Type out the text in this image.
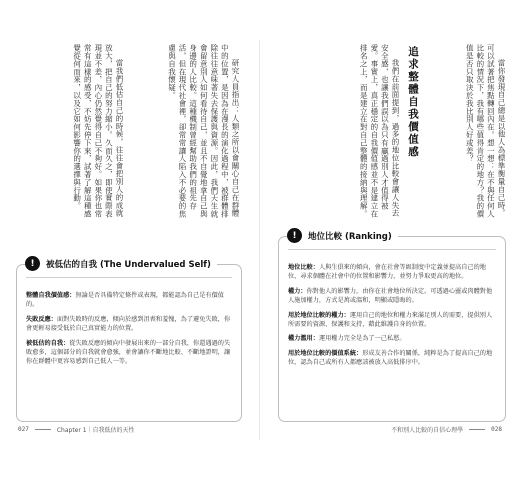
研究人員指出：人類之所以會關心自己在群體中的位置，是因為在漫長的演化過程中，被群體排除往往意味著失去保護與資源。因此，我們天生就會留意別人如何看待自己，並且不自覺地拿自己與身邊的人比較。這種機制曾經幫助我們的祖先存活，但在現代社會裡，卻常常讓人陷入不必要的焦慮與自我懷疑。

當我們低估自己的時候，往往會把別人的成就放大，把自己的努力縮小。久而久之，即使實際表現並不差，內心仍然覺得自己不夠好。如果你也常常有這樣的感受，不妨先停下來，試著了解這種感覺從何而來，以及它如何影響你的選擇與行動。

!	被低估的自我 (The Undervalued Self)
整體自我價值感：無論是否具備特定條件或表現，都能認為自己是有價值的。
失敗反應：面對失敗時的反應，傾向於感到沮喪和羞愧，為了避免失敗，你會更輕易接受低於自己真實能力的位置。
被低估的自我：從失敗反應的傾向中發展出來的一部分自我，你還遇過的失敗愈多，這個部分的自我就會愈強，並會讓你不斷地比較、不斷地證明，讓你在群體中更容易感到自己低人一等。
027	Chapter 1｜自我低估的天性

當你發現自己總是以他人為標準衡量自己時，可以試著把焦點轉回內在。想一想：在不與任何人比較的情況下，我有哪些值得肯定的地方？我的價值是否只取決於我比別人好或差？

追求整體自我價值感

我們在前面提到，過多的地位比較會讓人失去安全感，也讓我們誤以為只有贏過別人才值得被愛。事實上，真正穩定的自我價值感並不是建立在排名之上，而是建立在對自己整體的接納與理解。

!	地位比較 (Ranking)
地位比較：人與生俱來的傾向，會在社會等級制度中定義並提高自己的地位，尋求個體在社會中的位置和影響力，並努力爭取更高的地位。
權力：你對他人的影響力，由你在社會地位所決定。可透過心靈或肉體對他人施加權力，方式是萬或溫和，明顯或隱晦的。
用於地位比較的權力：運用自己的地位和權力來滿足別人的需要，提供別人所需要的資源、保護和支持，藉此維護自身的位置。
權力濫用：運用權力完全是為了一己私慾。
用於地位比較的價值系統：形成友善合作的關係，純粹是為了提高自己的地位，認為自己或所有人都應該被放入高低排序中。
不和別人比較的自信心理學	028
